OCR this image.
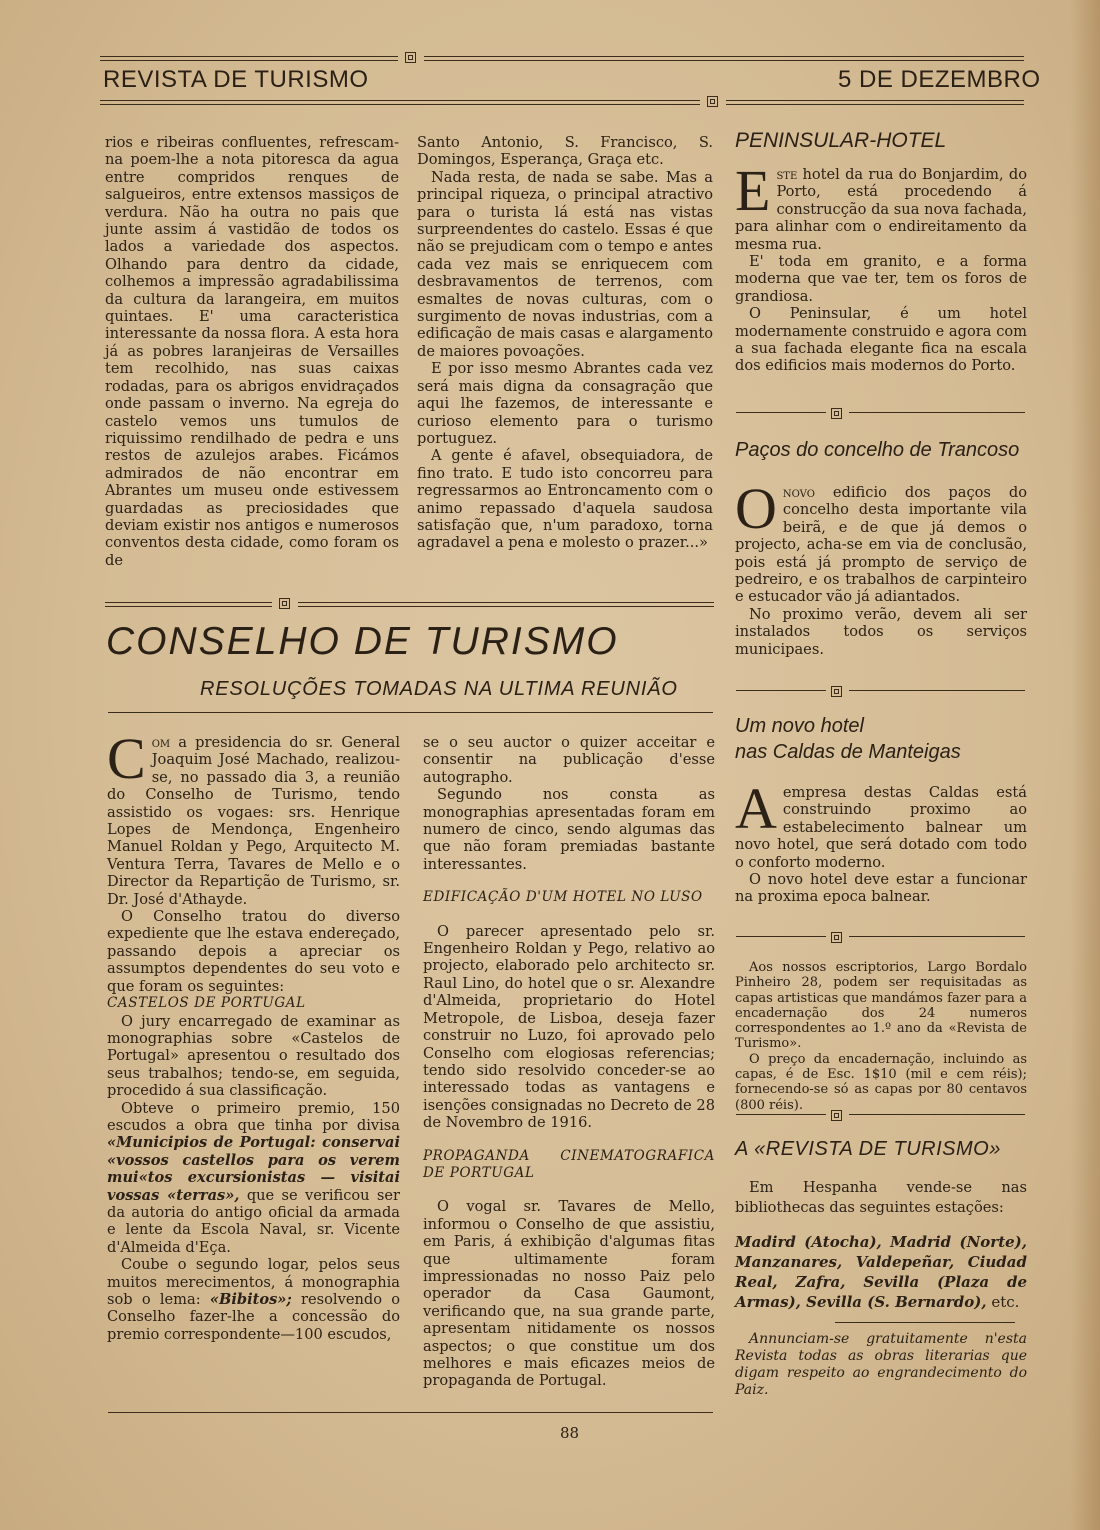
REVISTA DE TURISMO	5 DE DEZEMBRO

rios e ribeiras confluentes, refrescam-na poem-lhe a nota pitoresca da agua entre compridos renques de salgueiros, entre extensos massiços de verdura. Não ha outra no pais que junte assim á vastidão de todos os lados a variedade dos aspectos. Olhando para dentro da cidade, colhemos a impressão agradabilissima da cultura da larangeira, em muitos quintaes. E' uma caracteristica interessante da nossa flora. A esta hora já as pobres laranjeiras de Versailles tem recolhido, nas suas caixas rodadas, para os abrigos envidraçados onde passam o inverno. Na egreja do castelo vemos uns tumulos de riquissimo rendilhado de pedra e uns restos de azulejos arabes. Ficámos admirados de não encontrar em Abrantes um museu onde estivessem guardadas as preciosidades que deviam existir nos antigos e numerosos conventos desta cidade, como foram os de

Santo Antonio, S. Francisco, S. Domingos, Esperança, Graça etc.

Nada resta, de nada se sabe. Mas a principal riqueza, o principal atractivo para o turista lá está nas vistas surpreendentes do castelo. Essas é que não se prejudicam com o tempo e antes cada vez mais se enriquecem com desbravamentos de terrenos, com esmaltes de novas culturas, com o surgimento de novas industrias, com a edificação de mais casas e alargamento de maiores povoações.

E por isso mesmo Abrantes cada vez será mais digna da consagração que aqui lhe fazemos, de interessante e curioso elemento para o turismo portuguez.

A gente é afavel, obsequiadora, de fino trato. E tudo isto concorreu para regressarmos ao Entroncamento com o animo repassado d'aquela saudosa satisfação que, n'um paradoxo, torna agradavel a pena e molesto o prazer...»

CONSELHO DE TURISMO
RESOLUÇÕES TOMADAS NA ULTIMA REUNIÃO

Com a presidencia do sr. General Joaquim José Machado, realizou-se, no passado dia 3, a reunião do Conselho de Turismo, tendo assistido os vogaes: srs. Henrique Lopes de Mendonça, Engenheiro Manuel Roldan y Pego, Arquitecto M. Ventura Terra, Tavares de Mello e o Director da Repartição de Turismo, sr. Dr. José d'Athayde.

O Conselho tratou do diverso expediente que lhe estava endereçado, passando depois a apreciar os assumptos dependentes do seu voto e que foram os seguintes:

CASTELOS DE PORTUGAL

O jury encarregado de examinar as monographias sobre «Castelos de Portugal» apresentou o resultado dos seus trabalhos; tendo-se, em seguida, procedido á sua classificação.

Obteve o primeiro premio, 150 escudos a obra que tinha por divisa «Municipios de Portugal: conservai «vossos castellos para os verem mui«tos excursionistas — visitai vossas «terras», que se verificou ser da autoria do antigo oficial da armada e lente da Escola Naval, sr. Vicente d'Almeida d'Eça.

Coube o segundo logar, pelos seus muitos merecimentos, á monographia sob o lema: «Bibitos»; resolvendo o Conselho fazer-lhe a concessão do premio correspondente—100 escudos,

se o seu auctor o quizer acceitar e consentir na publicação d'esse autographo.

Segundo nos consta as monographias apresentadas foram em numero de cinco, sendo algumas das que não foram premiadas bastante interessantes.

EDIFICAÇÃO D'UM HOTEL NO LUSO

O parecer apresentado pelo sr. Engenheiro Roldan y Pego, relativo ao projecto, elaborado pelo architecto sr. Raul Lino, do hotel que o sr. Alexandre d'Almeida, proprietario do Hotel Metropole, de Lisboa, deseja fazer construir no Luzo, foi aprovado pelo Conselho com elogiosas referencias; tendo sido resolvido conceder-se ao interessado todas as vantagens e isenções consignadas no Decreto de 28 de Novembro de 1916.

PROPAGANDA CINEMATOGRAFICA DE PORTUGAL

O vogal sr. Tavares de Mello, informou o Conselho de que assistiu, em Paris, á exhibição d'algumas fitas que ultimamente foram impressionadas no nosso Paiz pelo operador da Casa Gaumont, verificando que, na sua grande parte, apresentam nitidamente os nossos aspectos; o que constitue um dos melhores e mais eficazes meios de propaganda de Portugal.

PENINSULAR-HOTEL

Este hotel da rua do Bonjardim, do Porto, está procedendo á construcção da sua nova fachada, para alinhar com o endireitamento da mesma rua.

E' toda em granito, e a forma moderna que vae ter, tem os foros de grandiosa.

O Peninsular, é um hotel modernamente construido e agora com a sua fachada elegante fica na escala dos edificios mais modernos do Porto.

Paços do concelho de Trancoso

Onovo edificio dos paços do concelho desta importante vila beirã, e de que já demos o projecto, acha-se em via de conclusão, pois está já prompto de serviço de pedreiro, e os trabalhos de carpinteiro e estucador vão já adiantados.

No proximo verão, devem ali ser instalados todos os serviços municipaes.

Um novo hotel
nas Caldas de Manteigas

Aempresa destas Caldas está construindo proximo ao estabelecimento balnear um novo hotel, que será dotado com todo o conforto moderno.

O novo hotel deve estar a funcionar na proxima epoca balnear.

Aos nossos escriptorios, Largo Bordalo Pinheiro 28, podem ser requisitadas as capas artisticas que mandámos fazer para a encadernação dos 24 numeros correspondentes ao 1.º ano da «Revista de Turismo».

O preço da encadernação, incluindo as capas, é de Esc. 1$10 (mil e cem réis); fornecendo-se só as capas por 80 centavos (800 réis).

A «REVISTA DE TURISMO»

Em Hespanha vende-se nas bibliothecas das seguintes estações:

Madird (Atocha), Madrid (Norte), Manzanares, Valdepeñar, Ciudad Real, Zafra, Sevilla (Plaza de Armas), Sevilla (S. Bernardo), etc.

Annunciam-se gratuitamente n'esta Revista todas as obras literarias que digam respeito ao engrandecimento do Paiz.

88
